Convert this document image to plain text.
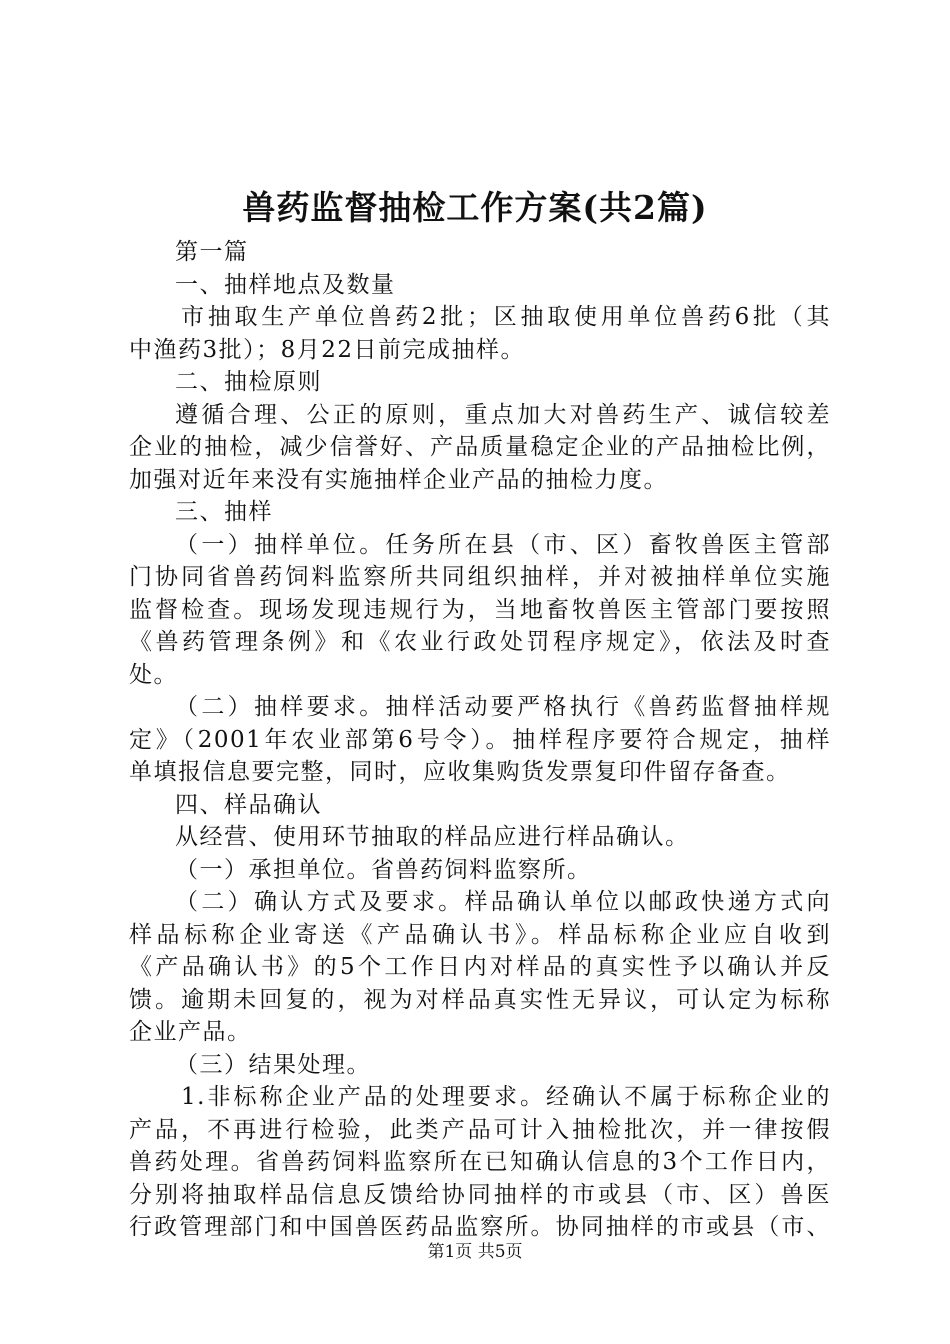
兽药监督抽检工作方案(共2篇)
第一篇
一、抽样地点及数量
市抽取生产单位兽药2批；区抽取使用单位兽药6批（其
中渔药3批）；8月22日前完成抽样。
二、抽检原则
遵循合理、公正的原则，重点加大对兽药生产、诚信较差
企业的抽检，减少信誉好、产品质量稳定企业的产品抽检比例，
加强对近年来没有实施抽样企业产品的抽检力度。
三、抽样
（一）抽样单位。任务所在县（市、区）畜牧兽医主管部
门协同省兽药饲料监察所共同组织抽样，并对被抽样单位实施
监督检查。现场发现违规行为，当地畜牧兽医主管部门要按照
《兽药管理条例》和《农业行政处罚程序规定》，依法及时查
处。
（二）抽样要求。抽样活动要严格执行《兽药监督抽样规
定》（2001年农业部第6号令）。抽样程序要符合规定，抽样
单填报信息要完整，同时，应收集购货发票复印件留存备查。
四、样品确认
从经营、使用环节抽取的样品应进行样品确认。
（一）承担单位。省兽药饲料监察所。
（二）确认方式及要求。样品确认单位以邮政快递方式向
样品标称企业寄送《产品确认书》。样品标称企业应自收到
《产品确认书》的5个工作日内对样品的真实性予以确认并反
馈。逾期未回复的，视为对样品真实性无异议，可认定为标称
企业产品。
（三）结果处理。
1.非标称企业产品的处理要求。经确认不属于标称企业的
产品，不再进行检验，此类产品可计入抽检批次，并一律按假
兽药处理。省兽药饲料监察所在已知确认信息的3个工作日内，
分别将抽取样品信息反馈给协同抽样的市或县（市、区）兽医
行政管理部门和中国兽医药品监察所。协同抽样的市或县（市、
第1页 共5页
